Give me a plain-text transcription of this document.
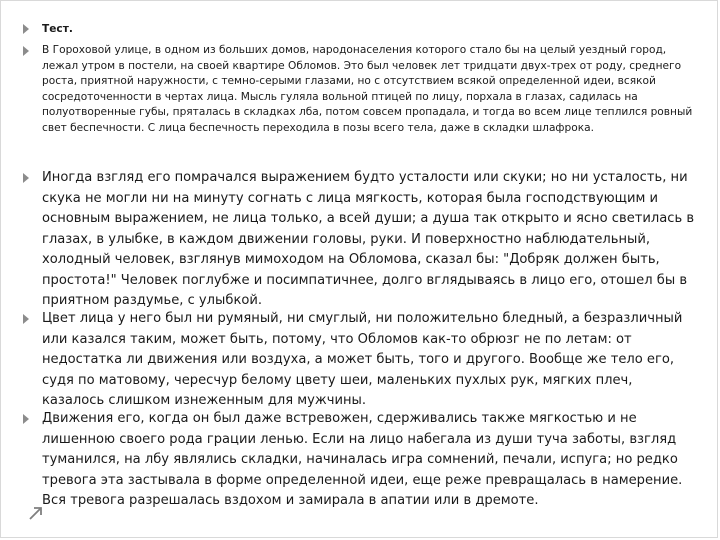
Тест.
В Гороховой улице, в одном из больших домов, народонаселения которого стало бы на целый уездный город, лежал утром в постели, на своей квартире Обломов. Это был человек лет тридцати двух-трех от роду, среднего роста, приятной наружности, с темно-серыми глазами, но с отсутствием всякой определенной идеи, всякой сосредоточенности в чертах лица. Мысль гуляла вольной птицей по лицу, порхала в глазах, садилась на полуотворенные губы, пряталась в складках лба, потом совсем пропадала, и тогда во всем лице теплился ровный свет беспечности. С лица беспечность переходила в позы всего тела, даже в складки шлафрока.
Иногда взгляд его помрачался выражением будто усталости или скуки; но ни усталость, ни скука не могли ни на минуту согнать с лица мягкость, которая была господствующим и основным выражением, не лица только, а всей души; а душа так открыто и ясно светилась в глазах, в улыбке, в каждом движении головы, руки. И поверхностно наблюдательный, холодный человек, взглянув мимоходом на Обломова, сказал бы: "Добряк должен быть, простота!" Человек поглубже и посимпатичнее, долго вглядываясь в лицо его, отошел бы в приятном раздумье, с улыбкой.
Цвет лица у него был ни румяный, ни смуглый, ни положительно бледный, а безразличный или казался таким, может быть, потому, что Обломов как-то обрюзг не по летам: от недостатка ли движения или воздуха, а может быть, того и другого. Вообще же тело его, судя по матовому, чересчур белому цвету шеи, маленьких пухлых рук, мягких плеч, казалось слишком изнеженным для мужчины.
Движения его, когда он был даже встревожен, сдерживались также мягкостью и не лишенною своего рода грации ленью. Если на лицо набегала из души туча заботы, взгляд туманился, на лбу являлись складки, начиналась игра сомнений, печали, испуга; но редко тревога эта застывала в форме определенной идеи, еще реже превращалась в намерение. Вся тревога разрешалась вздохом и замирала в апатии или в дремоте.
